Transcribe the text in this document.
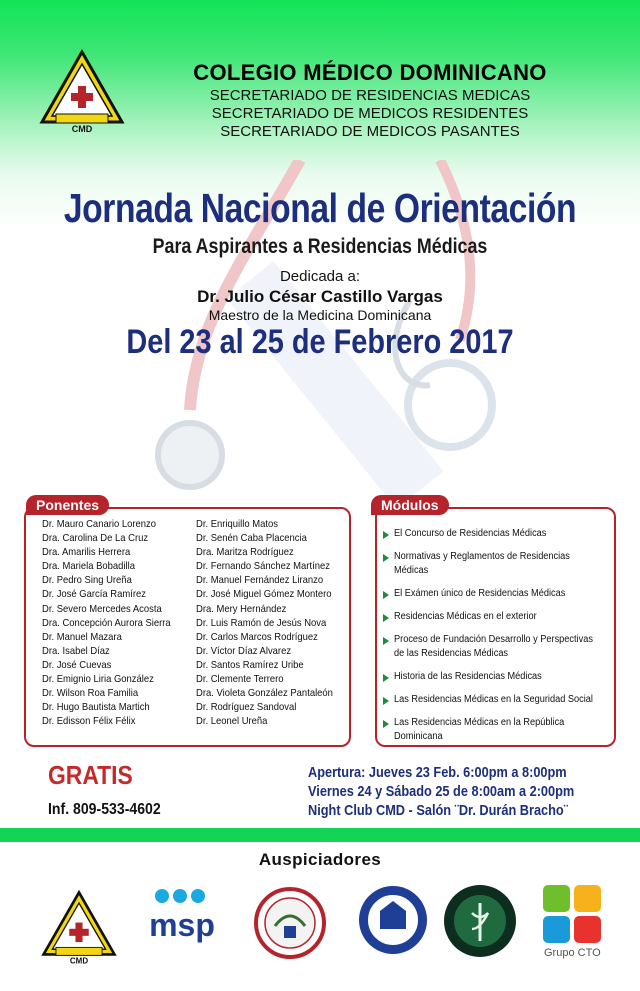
CMD
COLEGIO MÉDICO DOMINICANO
SECRETARIADO DE RESIDENCIAS MEDICAS
SECRETARIADO DE MEDICOS RESIDENTES
SECRETARIADO DE MEDICOS PASANTES
Jornada Nacional de Orientación
Para Aspirantes a Residencias Médicas
Dedicada a:
Dr. Julio César Castillo Vargas
Maestro de la Medicina Dominicana
Del 23 al 25 de Febrero 2017
Ponentes
Dr. Mauro Canario Lorenzo
Dra. Carolina De La Cruz
Dra. Amarilis Herrera
Dra. Mariela Bobadilla
Dr. Pedro Sing Ureña
Dr. José García Ramírez
Dr. Severo Mercedes Acosta
Dra. Concepción Aurora Sierra
Dr. Manuel Mazara
Dra. Isabel Díaz
Dr. José Cuevas
Dr. Emignio Liria González
Dr. Wilson Roa Familia
Dr. Hugo Bautista Martich
Dr. Edisson Félix Félix
Dr. Enriquillo Matos
Dr. Senén Caba Placencia
Dra. Maritza Rodríguez
Dr. Fernando Sánchez Martínez
Dr. Manuel Fernández Liranzo
Dr. José Miguel Gómez Montero
Dra. Mery Hernández
Dr. Luis Ramón de Jesús Nova
Dr. Carlos Marcos Rodríguez
Dr. Víctor Díaz Alvarez
Dr. Santos Ramírez Uribe
Dr. Clemente Terrero
Dra. Violeta González Pantaleón
Dr. Rodríguez Sandoval
Dr. Leonel Ureña
Módulos
El Concurso de Residencias Médicas
Normativas y Reglamentos de Residencias Médicas
El Exámen único de Residencias Médicas
Residencias Médicas en el exterior
Proceso de Fundación Desarrollo y Perspectivas de las Residencias Médicas
Historia de las Residencias Médicas
Las Residencias Médicas en la Seguridad Social
Las Residencias Médicas en la República Dominicana
GRATIS
Inf. 809-533-4602
Apertura: Jueves 23 Feb. 6:00pm a 8:00pm
Viernes 24 y Sábado 25 de 8:00am a 2:00pm
Night Club CMD - Salón ¨Dr. Durán Bracho¨
Auspiciadores
CMD
msp
Grupo CTO
